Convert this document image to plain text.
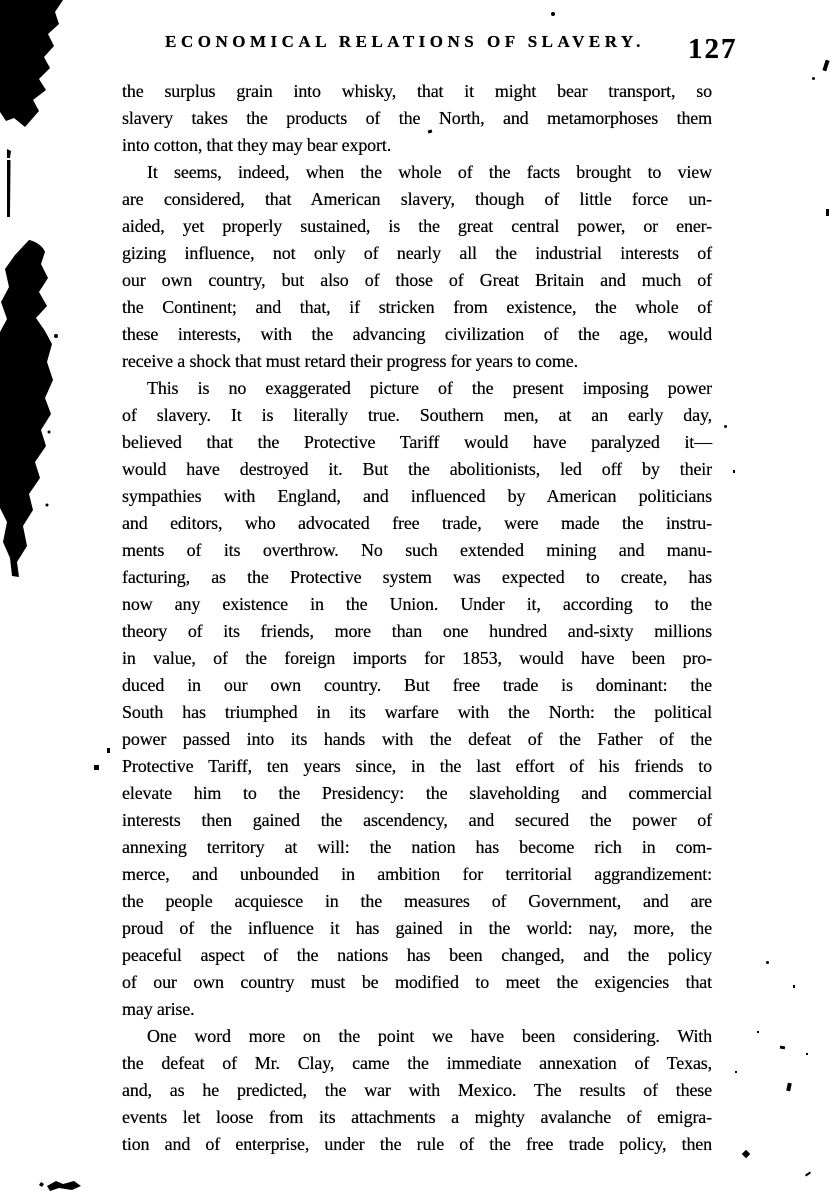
ECONOMICAL RELATIONS OF SLAVERY.	127
the surplus grain into whisky, that it might bear transport, so
slavery takes the products of the North, and metamorphoses them
into cotton, that they may bear export.
It seems, indeed, when the whole of the facts brought to view
are considered, that American slavery, though of little force un-
aided, yet properly sustained, is the great central power, or ener-
gizing influence, not only of nearly all the industrial interests of
our own country, but also of those of Great Britain and much of
the Continent; and that, if stricken from existence, the whole of
these interests, with the advancing civilization of the age, would
receive a shock that must retard their progress for years to come.
This is no exaggerated picture of the present imposing power
of slavery. It is literally true. Southern men, at an early day,
believed that the Protective Tariff would have paralyzed it—
would have destroyed it. But the abolitionists, led off by their
sympathies with England, and influenced by American politicians
and editors, who advocated free trade, were made the instru-
ments of its overthrow. No such extended mining and manu-
facturing, as the Protective system was expected to create, has
now any existence in the Union. Under it, according to the
theory of its friends, more than one hundred and-sixty millions
in value, of the foreign imports for 1853, would have been pro-
duced in our own country. But free trade is dominant: the
South has triumphed in its warfare with the North: the political
power passed into its hands with the defeat of the Father of the
Protective Tariff, ten years since, in the last effort of his friends to
elevate him to the Presidency: the slaveholding and commercial
interests then gained the ascendency, and secured the power of
annexing territory at will: the nation has become rich in com-
merce, and unbounded in ambition for territorial aggrandizement:
the people acquiesce in the measures of Government, and are
proud of the influence it has gained in the world: nay, more, the
peaceful aspect of the nations has been changed, and the policy
of our own country must be modified to meet the exigencies that
may arise.
One word more on the point we have been considering. With
the defeat of Mr. Clay, came the immediate annexation of Texas,
and, as he predicted, the war with Mexico. The results of these
events let loose from its attachments a mighty avalanche of emigra-
tion and of enterprise, under the rule of the free trade policy, then
